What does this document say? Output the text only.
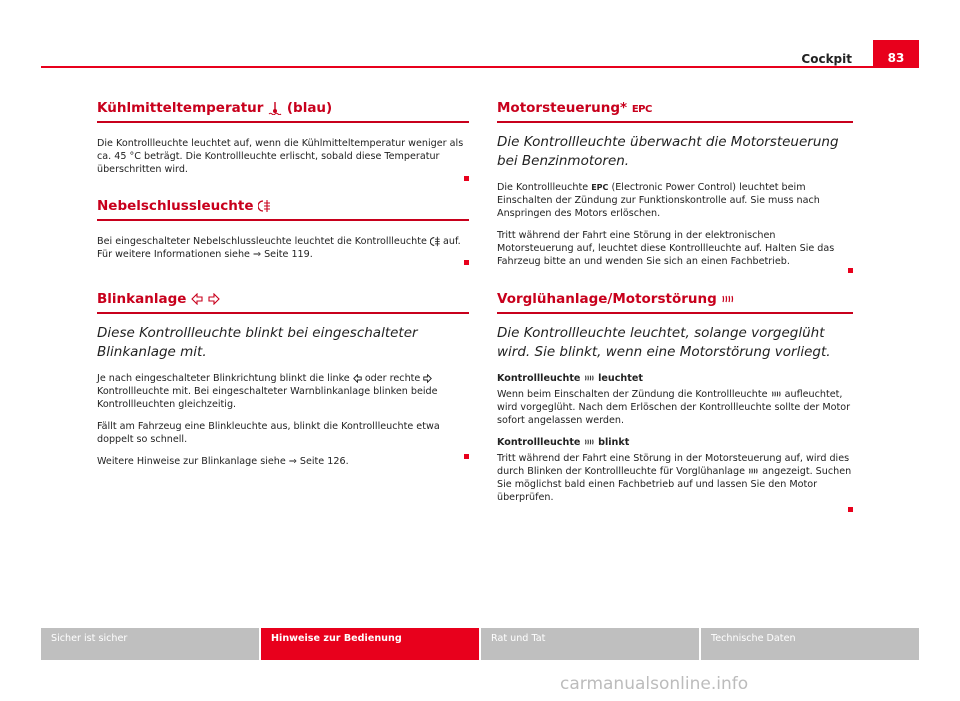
Cockpit	83
Kühlmitteltemperatur (blau)

Die Kontrollleuchte leuchtet auf, wenn die Kühlmitteltemperatur weniger als ca. 45 °C beträgt. Die Kontrollleuchte erlischt, sobald diese Temperatur überschritten wird.

Nebelschlussleuchte

Bei eingeschalteter Nebelschlussleuchte leuchtet die Kontrollleuchte auf. Für weitere Informationen siehe ⇒ Seite 119.

Blinkanlage
Diese Kontrollleuchte blinkt bei eingeschalteter Blinkanlage mit.

Je nach eingeschalteter Blinkrichtung blinkt die linke oder rechte  Kontrollleuchte mit. Bei eingeschalteter Warnblinkanlage blinken beide Kontrollleuchten gleichzeitig.

Fällt am Fahrzeug eine Blinkleuchte aus, blinkt die Kontrollleuchte etwa doppelt so schnell.

Weitere Hinweise zur Blinkanlage siehe ⇒ Seite 126.

Motorsteuerung* EPC
Die Kontrollleuchte überwacht die Motorsteuerung bei Benzinmotoren.

Die Kontrollleuchte EPC (Electronic Power Control) leuchtet beim Einschalten der Zündung zur Funktionskontrolle auf. Sie muss nach Anspringen des Motors erlöschen.

Tritt während der Fahrt eine Störung in der elektronischen Motorsteuerung auf, leuchtet diese Kontrollleuchte auf. Halten Sie das Fahrzeug bitte an und wenden Sie sich an einen Fachbetrieb.

Vorglühanlage/Motorstörung
Die Kontrollleuchte leuchtet, solange vorgeglüht wird. Sie blinkt, wenn eine Motorstörung vorliegt.
Kontrollleuchte leuchtet

Wenn beim Einschalten der Zündung die Kontrollleuchte aufleuchtet, wird vorgeglüht. Nach dem Erlöschen der Kontrollleuchte sollte der Motor sofort angelassen werden.

Kontrollleuchte blinkt

Tritt während der Fahrt eine Störung in der Motorsteuerung auf, wird dies durch Blinken der Kontrollleuchte für Vorglühanlage angezeigt. Suchen Sie möglichst bald einen Fachbetrieb auf und lassen Sie den Motor überprüfen.

Sicher ist sicher	Hinweise zur Bedienung	Rat und Tat	Technische Daten
carmanualsonline.info
